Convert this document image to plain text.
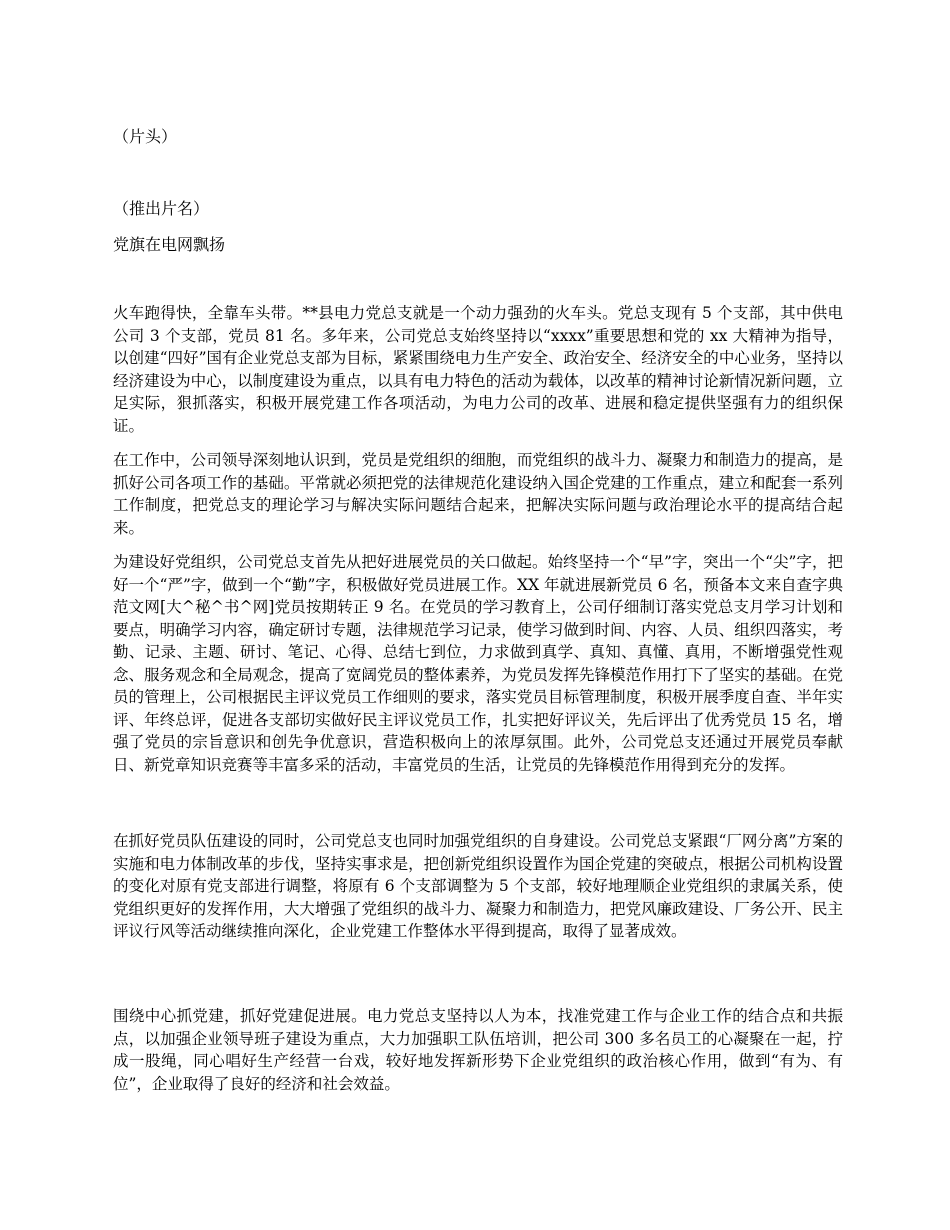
（片头）

（推出片名）

党旗在电网飘扬

火车跑得快，全靠车头带。**县电力党总支就是一个动力强劲的火车头。党总支现有 5 个支部，其中供电公司 3 个支部，党员 81 名。多年来，公司党总支始终坚持以“xxxx”重要思想和党的 xx 大精神为指导，以创建“四好”国有企业党总支部为目标，紧紧围绕电力生产安全、政治安全、经济安全的中心业务，坚持以经济建设为中心，以制度建设为重点，以具有电力特色的活动为载体，以改革的精神讨论新情况新问题，立足实际，狠抓落实，积极开展党建工作各项活动，为电力公司的改革、进展和稳定提供坚强有力的组织保证。

在工作中，公司领导深刻地认识到，党员是党组织的细胞，而党组织的战斗力、凝聚力和制造力的提高，是抓好公司各项工作的基础。平常就必须把党的法律规范化建设纳入国企党建的工作重点，建立和配套一系列工作制度，把党总支的理论学习与解决实际问题结合起来，把解决实际问题与政治理论水平的提高结合起来。

为建设好党组织，公司党总支首先从把好进展党员的关口做起。始终坚持一个“早”字，突出一个“尖”字，把好一个“严”字，做到一个“勤”字，积极做好党员进展工作。XX 年就进展新党员 6 名，预备本文来自查字典范文网[大^秘^书^网]党员按期转正 9 名。在党员的学习教育上，公司仔细制订落实党总支月学习计划和要点，明确学习内容，确定研讨专题，法律规范学习记录，使学习做到时间、内容、人员、组织四落实，考勤、记录、主题、研讨、笔记、心得、总结七到位，力求做到真学、真知、真懂、真用，不断增强党性观念、服务观念和全局观念，提高了宽阔党员的整体素养，为党员发挥先锋模范作用打下了坚实的基础。在党员的管理上，公司根据民主评议党员工作细则的要求，落实党员目标管理制度，积极开展季度自查、半年实评、年终总评，促进各支部切实做好民主评议党员工作，扎实把好评议关，先后评出了优秀党员 15 名，增强了党员的宗旨意识和创先争优意识，营造积极向上的浓厚氛围。此外，公司党总支还通过开展党员奉献日、新党章知识竞赛等丰富多采的活动，丰富党员的生活，让党员的先锋模范作用得到充分的发挥。

在抓好党员队伍建设的同时，公司党总支也同时加强党组织的自身建设。公司党总支紧跟“厂网分离”方案的实施和电力体制改革的步伐，坚持实事求是，把创新党组织设置作为国企党建的突破点，根据公司机构设置的变化对原有党支部进行调整，将原有 6 个支部调整为 5 个支部，较好地理顺企业党组织的隶属关系，使党组织更好的发挥作用，大大增强了党组织的战斗力、凝聚力和制造力，把党风廉政建设、厂务公开、民主评议行风等活动继续推向深化，企业党建工作整体水平得到提高，取得了显著成效。

围绕中心抓党建，抓好党建促进展。电力党总支坚持以人为本，找准党建工作与企业工作的结合点和共振点，以加强企业领导班子建设为重点，大力加强职工队伍培训，把公司 300 多名员工的心凝聚在一起，拧成一股绳，同心唱好生产经营一台戏，较好地发挥新形势下企业党组织的政治核心作用，做到“有为、有位”，企业取得了良好的经济和社会效益。
